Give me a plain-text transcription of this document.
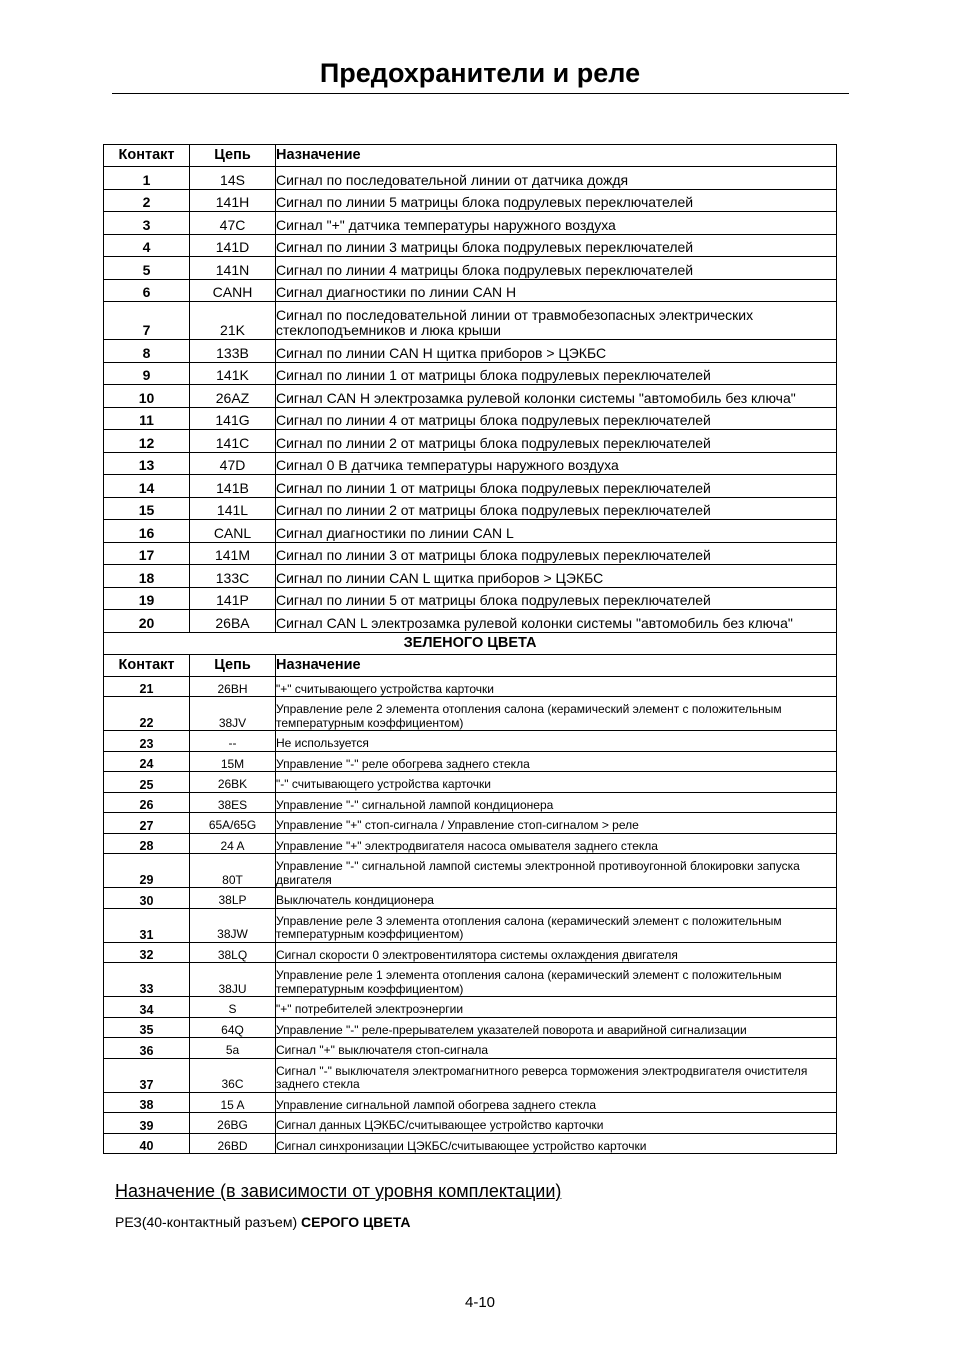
Предохранители и реле
Контакт	Цепь	Назначение
1	14S	Сигнал по последовательной линии от датчика дождя
2	141H	Сигнал по линии 5 матрицы блока подрулевых переключателей
3	47C	Сигнал "+" датчика температуры наружного воздуха
4	141D	Сигнал по линии 3 матрицы блока подрулевых переключателей
5	141N	Сигнал по линии 4 матрицы блока подрулевых переключателей
6	CANH	Сигнал диагностики по линии CAN H
7	21K	Сигнал по последовательной линии от травмобезопасных электрических стеклоподъемников и люка крыши
8	133B	Сигнал по линии CAN H щитка приборов > ЦЭКБС
9	141K	Сигнал по линии 1 от матрицы блока подрулевых переключателей
10	26AZ	Сигнал CAN H электрозамка рулевой колонки системы "автомобиль без ключа"
11	141G	Сигнал по линии 4 от матрицы блока подрулевых переключателей
12	141C	Сигнал по линии 2 от матрицы блока подрулевых переключателей
13	47D	Сигнал 0 В датчика температуры наружного воздуха
14	141B	Сигнал по линии 1 от матрицы блока подрулевых переключателей
15	141L	Сигнал по линии 2 от матрицы блока подрулевых переключателей
16	CANL	Сигнал диагностики по линии CAN L
17	141M	Сигнал по линии 3 от матрицы блока подрулевых переключателей
18	133C	Сигнал по линии CAN L щитка приборов > ЦЭКБС
19	141P	Сигнал по линии 5 от матрицы блока подрулевых переключателей
20	26BA	Сигнал CAN L электрозамка рулевой колонки системы "автомобиль без ключа"
ЗЕЛЕНОГО ЦВЕТА		
Контакт	Цепь	Назначение
21	26BH	"+" считывающего устройства карточки
22	38JV	Управление реле 2 элемента отопления салона (керамический элемент с положительным температурным коэффициентом)
23	--	Не используется
24	15M	Управление "-" реле обогрева заднего стекла
25	26BK	"-" считывающего устройства карточки
26	38ES	Управление "-" сигнальной лампой кондиционера
27	65A/65G	Управление "+" стоп-сигнала / Управление стоп-сигналом > реле
28	24 A	Управление "+" электродвигателя насоса омывателя заднего стекла
29	80T	Управление "-" сигнальной лампой системы электронной противоугонной блокировки запуска двигателя
30	38LP	Выключатель кондиционера
31	38JW	Управление реле 3 элемента отопления салона (керамический элемент с положительным температурным коэффициентом)
32	38LQ	Сигнал скорости 0 электровентилятора системы охлаждения двигателя
33	38JU	Управление реле 1 элемента отопления салона (керамический элемент с положительным температурным коэффициентом)
34	S	"+" потребителей электроэнергии
35	64Q	Управление "-" реле-прерывателем указателей поворота и аварийной сигнализации
36	5a	Сигнал "+" выключателя стоп-сигнала
37	36C	Сигнал "-" выключателя электромагнитного реверса торможения электродвигателя очистителя заднего стекла
38	15 A	Управление сигнальной лампой обогрева заднего стекла
39	26BG	Сигнал данных ЦЭКБС/считывающее устройство карточки
40	26BD	Сигнал синхронизации ЦЭКБС/считывающее устройство карточки

Назначение (в зависимости от уровня комплектации)

РЕЗ(40-контактный разъем) СЕРОГО ЦВЕТА

4-10
